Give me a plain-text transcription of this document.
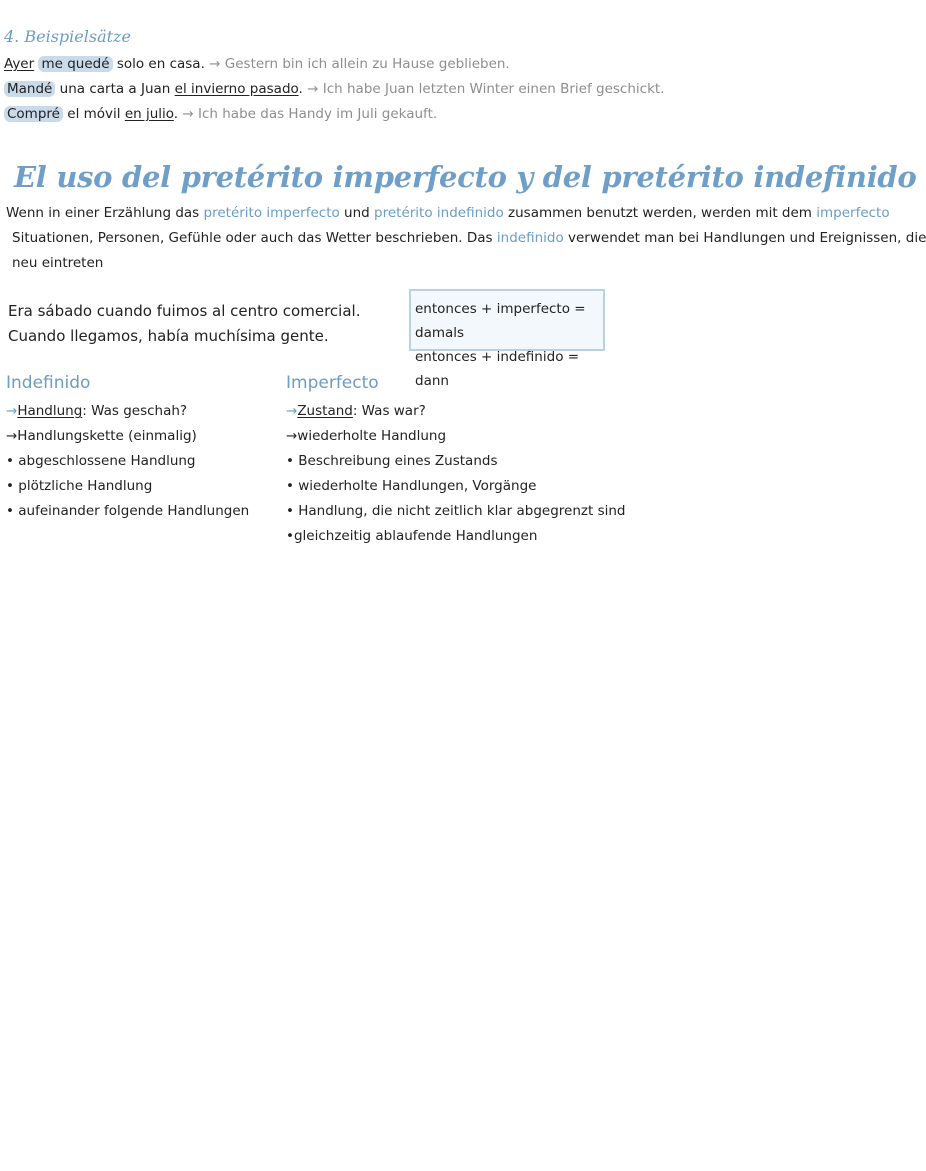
4. Beispielsätze
Ayer me quedé solo en casa. → Gestern bin ich allein zu Hause geblieben.
Mandé una carta a Juan el invierno pasado. → Ich habe Juan letzten Winter einen Brief geschickt.
Compré el móvil en julio. → Ich habe das Handy im Juli gekauft.
El uso del pretérito imperfecto y del pretérito indefinido
Wenn in einer Erzählung das pretérito imperfecto und pretérito indefinido zusammen benutzt werden, werden mit dem imperfecto
Situationen, Personen, Gefühle oder auch das Wetter beschrieben. Das indefinido verwendet man bei Handlungen und Ereignissen, die
neu eintreten
Era sábado cuando fuimos al centro comercial.
Cuando llegamos, había muchísima gente.
entonces + imperfecto = damals
entonces + indefinido = dann
Indefinido
→Handlung: Was geschah?
→Handlungskette (einmalig)
• abgeschlossene Handlung
• plötzliche Handlung
• aufeinander folgende Handlungen
Imperfecto
→Zustand: Was war?
→wiederholte Handlung
• Beschreibung eines Zustands
• wiederholte Handlungen, Vorgänge
• Handlung, die nicht zeitlich klar abgegrenzt sind
•gleichzeitig ablaufende Handlungen
